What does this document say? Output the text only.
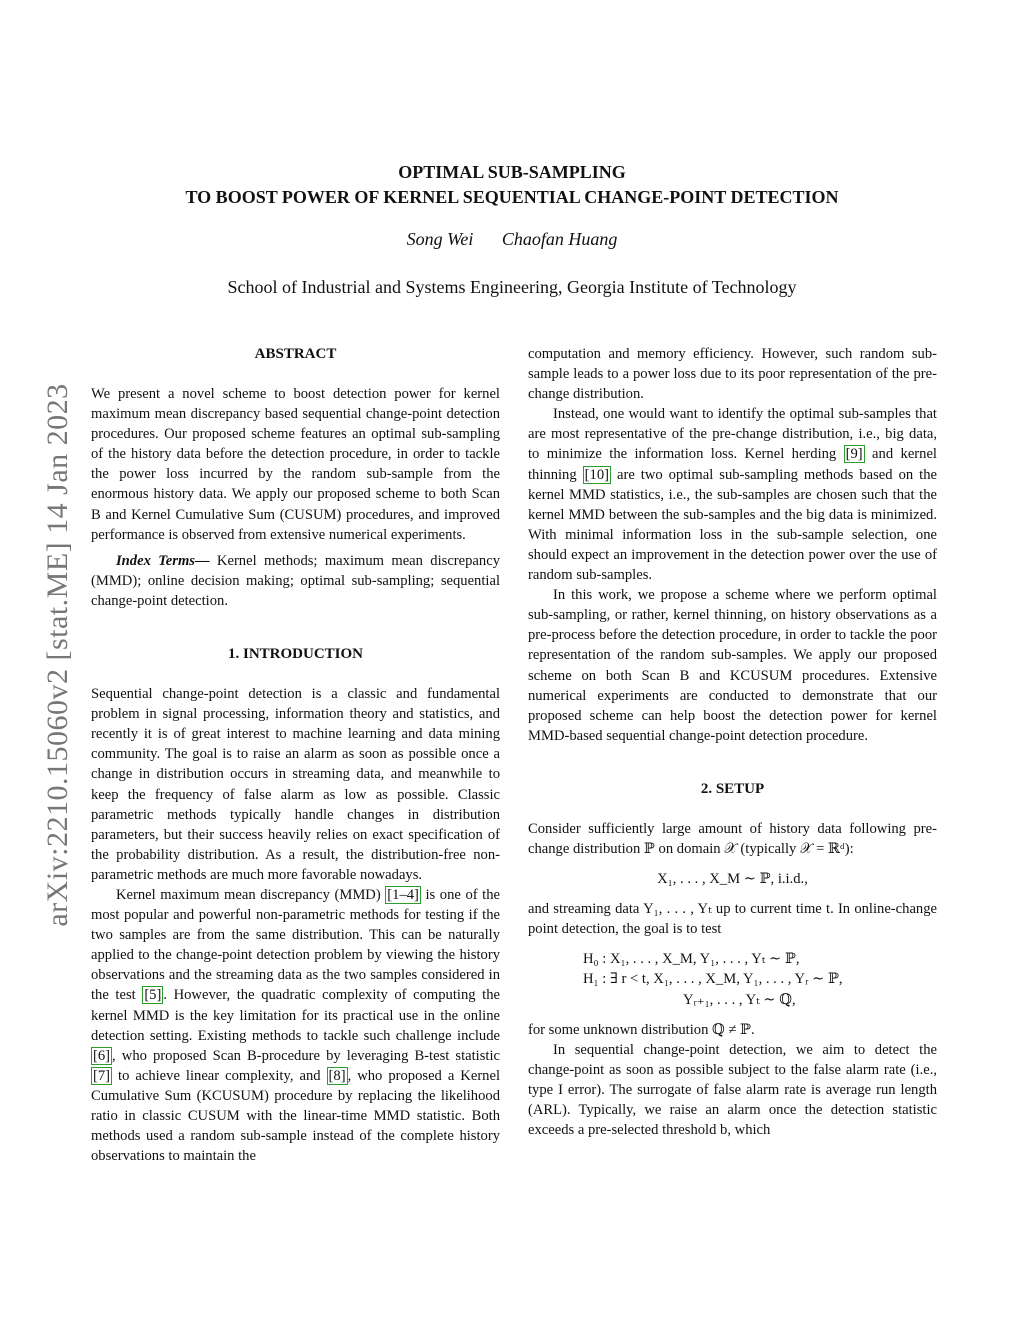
arXiv:2210.15060v2 [stat.ME] 14 Jan 2023
OPTIMAL SUB-SAMPLING
TO BOOST POWER OF KERNEL SEQUENTIAL CHANGE-POINT DETECTION
Song Wei Chaofan Huang
School of Industrial and Systems Engineering, Georgia Institute of Technology
ABSTRACT

We present a novel scheme to boost detection power for kernel maximum mean discrepancy based sequential change-point detection procedures. Our proposed scheme features an optimal sub-sampling of the history data before the detection procedure, in order to tackle the power loss incurred by the random sub-sample from the enormous history data. We apply our proposed scheme to both Scan B and Kernel Cumulative Sum (CUSUM) procedures, and improved performance is observed from extensive numerical experiments.

Index Terms— Kernel methods; maximum mean discrepancy (MMD); online decision making; optimal sub-sampling; sequential change-point detection.

1. INTRODUCTION

Sequential change-point detection is a classic and fundamental problem in signal processing, information theory and statistics, and recently it is of great interest to machine learning and data mining community. The goal is to raise an alarm as soon as possible once a change in distribution occurs in streaming data, and meanwhile to keep the frequency of false alarm as low as possible. Classic parametric methods typically handle changes in distribution parameters, but their success heavily relies on exact specification of the probability distribution. As a result, the distribution-free non-parametric methods are much more favorable nowadays.

Kernel maximum mean discrepancy (MMD) [1–4] is one of the most popular and powerful non-parametric methods for testing if the two samples are from the same distribution. This can be naturally applied to the change-point detection problem by viewing the history observations and the streaming data as the two samples considered in the test [5] . However, the quadratic complexity of computing the kernel MMD is the key limitation for its practical use in the online detection setting. Existing methods to tackle such challenge include [6] , who proposed Scan B-procedure by leveraging B-test statistic [7] to achieve linear complexity, and [8] , who proposed a Kernel Cumulative Sum (KCUSUM) procedure by replacing the likelihood ratio in classic CUSUM with the linear-time MMD statistic. Both methods used a random sub-sample instead of the complete history observations to maintain the

computation and memory efficiency. However, such random sub-sample leads to a power loss due to its poor representation of the pre-change distribution.

Instead, one would want to identify the optimal sub-samples that are most representative of the pre-change distribution, i.e., big data, to minimize the information loss. Kernel herding [9] and kernel thinning [10] are two optimal sub-sampling methods based on the kernel MMD statistics, i.e., the sub-samples are chosen such that the kernel MMD between the sub-samples and the big data is minimized. With minimal information loss in the sub-sample selection, one should expect an improvement in the detection power over the use of random sub-samples.

In this work, we propose a scheme where we perform optimal sub-sampling, or rather, kernel thinning, on history observations as a pre-process before the detection procedure, in order to tackle the poor representation of the random sub-samples. We apply our proposed scheme on both Scan B and KCUSUM procedures. Extensive numerical experiments are conducted to demonstrate that our proposed scheme can help boost the detection power for kernel MMD-based sequential change-point detection procedure.

2. SETUP

Consider sufficiently large amount of history data following pre-change distribution ℙ on domain 𝒳 (typically 𝒳 = ℝᵈ):

X₁, . . . , X_M ∼ ℙ, i.i.d.,

and streaming data Y₁, . . . , Yₜ up to current time t. In online-change point detection, the goal is to test

H₀ : X₁, . . . , X_M, Y₁, . . . , Yₜ ∼ ℙ,
H₁ : ∃ r < t, X₁, . . . , X_M, Y₁, . . . , Yᵣ ∼ ℙ,
Yᵣ₊₁, . . . , Yₜ ∼ ℚ,

for some unknown distribution ℚ ≠ ℙ.

In sequential change-point detection, we aim to detect the change-point as soon as possible subject to the false alarm rate (i.e., type I error). The surrogate of false alarm rate is average run length (ARL). Typically, we raise an alarm once the detection statistic exceeds a pre-selected threshold b, which
